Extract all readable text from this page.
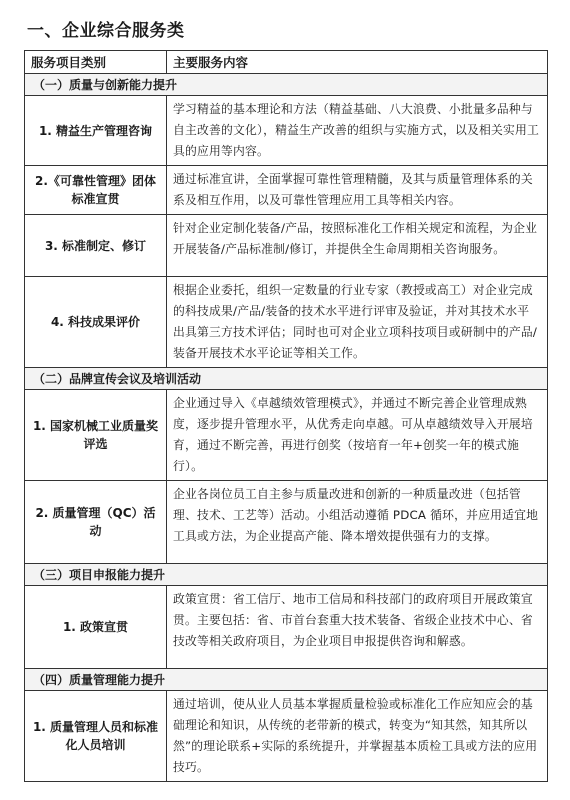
一、企业综合服务类
服务项目类别	主要服务内容
（一）质量与创新能力提升	
1. 精益生产管理咨询	学习精益的基本理论和方法（精益基础、八大浪费、小批量多品种与自主改善的文化），精益生产改善的组织与实施方式，以及相关实用工具的应用等内容。
2.《可靠性管理》团体标准宣贯	通过标准宣讲，全面掌握可靠性管理精髓，及其与质量管理体系的关系及相互作用，以及可靠性管理应用工具等相关内容。
3. 标准制定、修订	针对企业定制化装备/产品，按照标准化工作相关规定和流程，为企业开展装备/产品标准制/修订，并提供全生命周期相关咨询服务。
4. 科技成果评价	根据企业委托，组织一定数量的行业专家（教授或高工）对企业完成的科技成果/产品/装备的技术水平进行评审及验证，并对其技术水平出具第三方技术评估；同时也可对企业立项科技项目或研制中的产品/装备开展技术水平论证等相关工作。
（二）品牌宣传会议及培训活动	
1. 国家机械工业质量奖评选	企业通过导入《卓越绩效管理模式》，并通过不断完善企业管理成熟度，逐步提升管理水平，从优秀走向卓越。可从卓越绩效导入开展培育，通过不断完善，再进行创奖（按培育一年+创奖一年的模式施行）。
2. 质量管理（QC）活动	企业各岗位员工自主参与质量改进和创新的一种质量改进（包括管理、技术、工艺等）活动。小组活动遵循 PDCA 循环，并应用适宜地工具或方法，为企业提高产能、降本增效提供强有力的支撑。
（三）项目申报能力提升	
1. 政策宣贯	政策宣贯：省工信厅、地市工信局和科技部门的政府项目开展政策宣贯。主要包括：省、市首台套重大技术装备、省级企业技术中心、省技改等相关政府项目，为企业项目申报提供咨询和解惑。
（四）质量管理能力提升	
1. 质量管理人员和标准化人员培训	通过培训，使从业人员基本掌握质量检验或标准化工作应知应会的基础理论和知识，从传统的老带新的模式，转变为“知其然，知其所以然”的理论联系+实际的系统提升，并掌握基本质检工具或方法的应用技巧。
